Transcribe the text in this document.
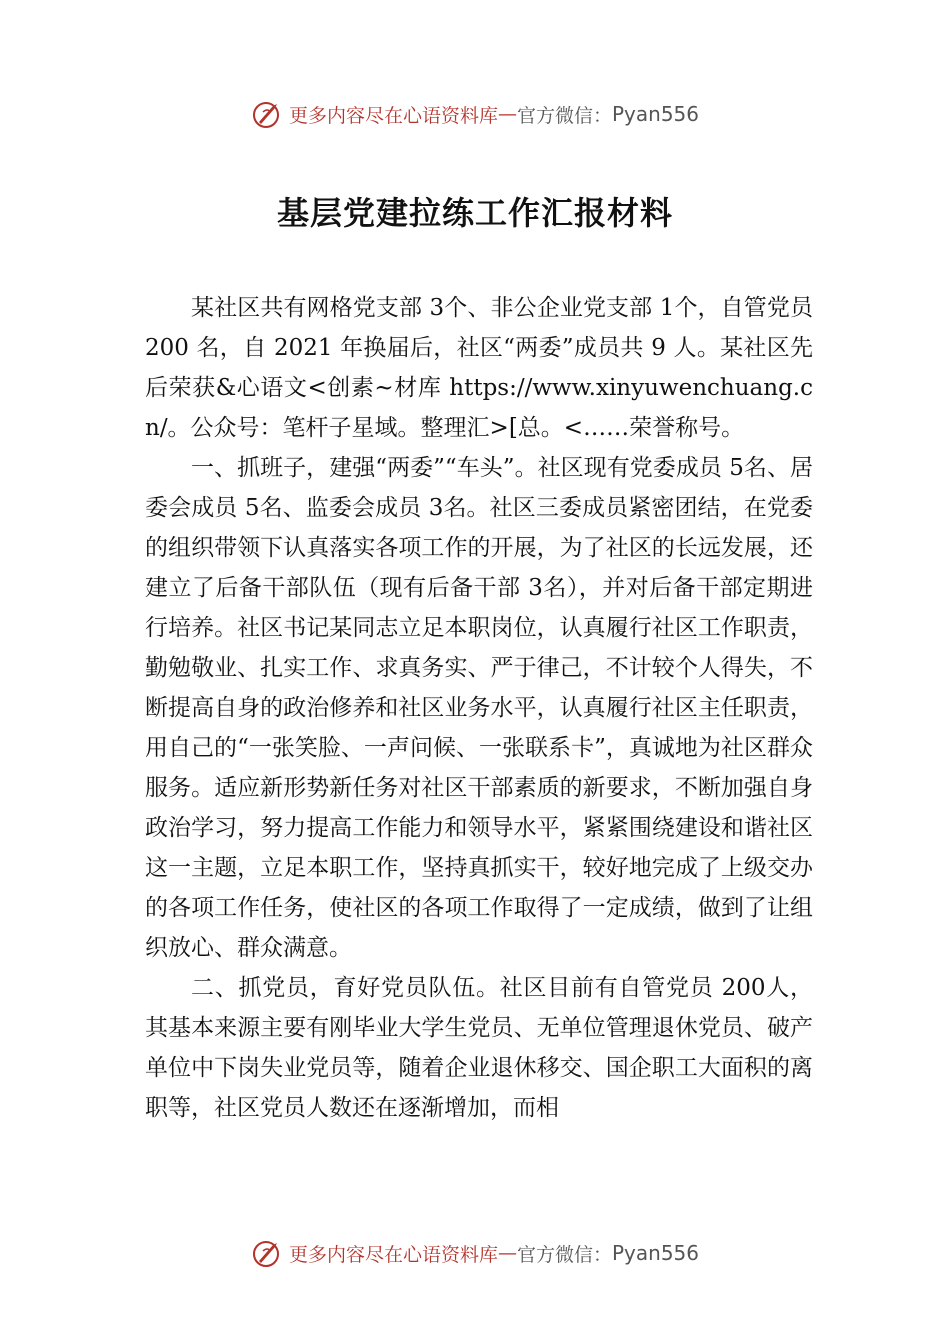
更多内容尽在心语资料库 — 官方微信： Pyan556
基层党建拉练工作汇报材料

某社区共有网格党支部 3个、非公企业党支部 1个，自管党员 200 名，自 2021 年换届后，社区“两委”成员共 9 人。某社区先后荣获&心语文<创素~材库 https://www.xinyuwenchuang.cn/。公众号：笔杆子星域。整理汇>[总。<……荣誉称号。

一、抓班子，建强“两委”“车头”。社区现有党委成员 5名、居委会成员 5名、监委会成员 3名。社区三委成员紧密团结，在党委的组织带领下认真落实各项工作的开展，为了社区的长远发展，还建立了后备干部队伍（现有后备干部 3名），并对后备干部定期进行培养。社区书记某同志立足本职岗位，认真履行社区工作职责，勤勉敬业、扎实工作、求真务实、严于律己，不计较个人得失，不断提高自身的政治修养和社区业务水平，认真履行社区主任职责，用自己的“一张笑脸、一声问候、一张联系卡”，真诚地为社区群众服务。适应新形势新任务对社区干部素质的新要求，不断加强自身政治学习，努力提高工作能力和领导水平，紧紧围绕建设和谐社区这一主题，立足本职工作，坚持真抓实干，较好地完成了上级交办的各项工作任务，使社区的各项工作取得了一定成绩，做到了让组织放心、群众满意。

二、抓党员，育好党员队伍。社区目前有自管党员 200人，其基本来源主要有刚毕业大学生党员、无单位管理退休党员、破产单位中下岗失业党员等，随着企业退休移交、国企职工大面积的离职等，社区党员人数还在逐渐增加，而相

更多内容尽在心语资料库 — 官方微信： Pyan556
